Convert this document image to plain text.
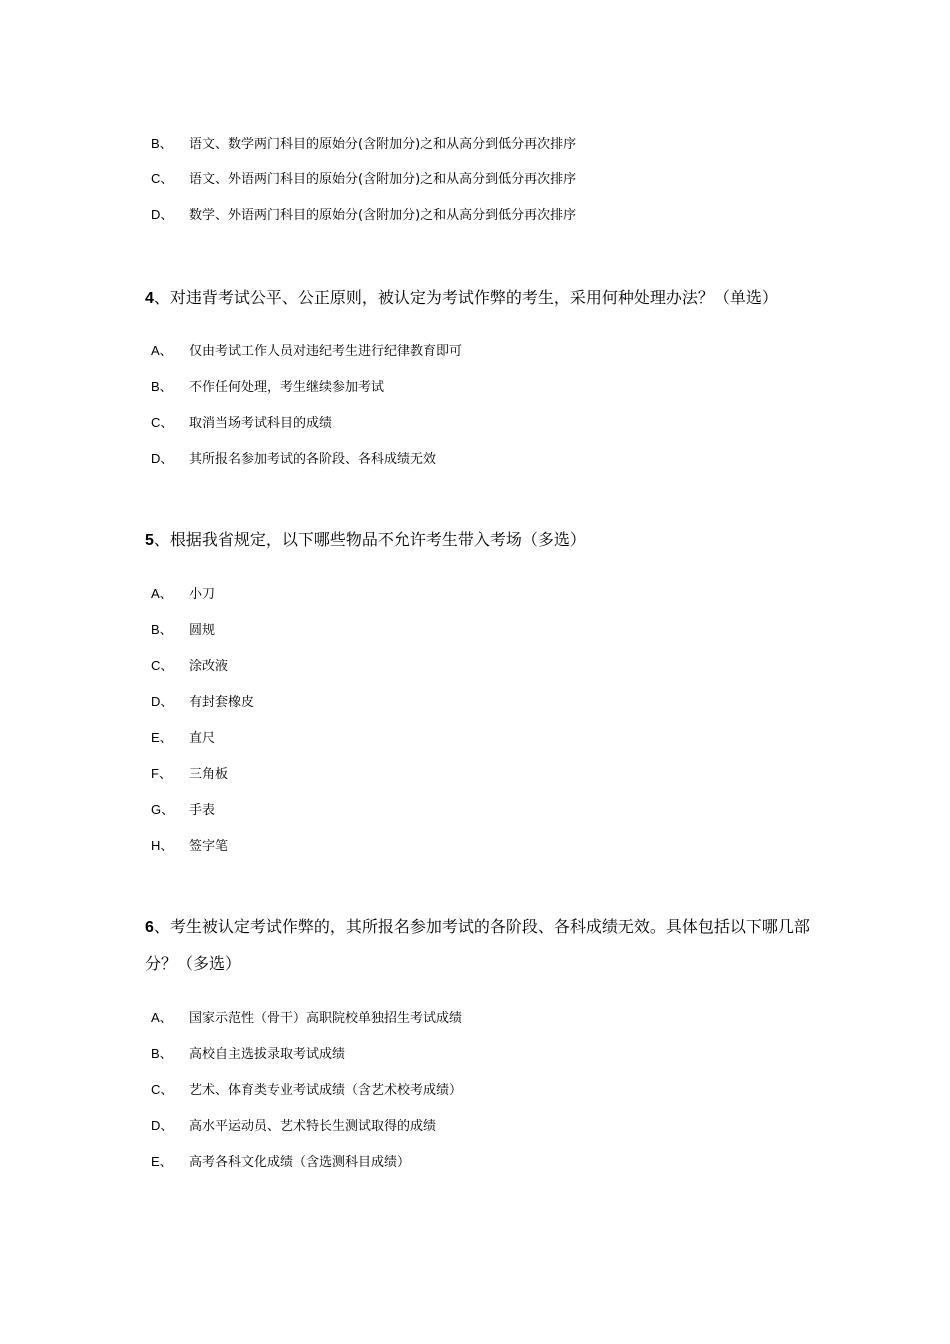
B、 语文、数学两门科目的原始分(含附加分)之和从高分到低分再次排序
C、 语文、外语两门科目的原始分(含附加分)之和从高分到低分再次排序
D、 数学、外语两门科目的原始分(含附加分)之和从高分到低分再次排序
4、对违背考试公平、公正原则，被认定为考试作弊的考生，采用何种处理办法？（单选）
A、 仅由考试工作人员对违纪考生进行纪律教育即可
B、 不作任何处理，考生继续参加考试
C、 取消当场考试科目的成绩
D、 其所报名参加考试的各阶段、各科成绩无效
5、根据我省规定，以下哪些物品不允许考生带入考场（多选）
A、 小刀
B、 圆规
C、 涂改液
D、 有封套橡皮
E、 直尺
F、 三角板
G、 手表
H、 签字笔
6、考生被认定考试作弊的，其所报名参加考试的各阶段、各科成绩无效。具体包括以下哪几部分？（多选）
A、 国家示范性（骨干）高职院校单独招生考试成绩
B、 高校自主选拔录取考试成绩
C、 艺术、体育类专业考试成绩（含艺术校考成绩）
D、 高水平运动员、艺术特长生测试取得的成绩
E、 高考各科文化成绩（含选测科目成绩）
